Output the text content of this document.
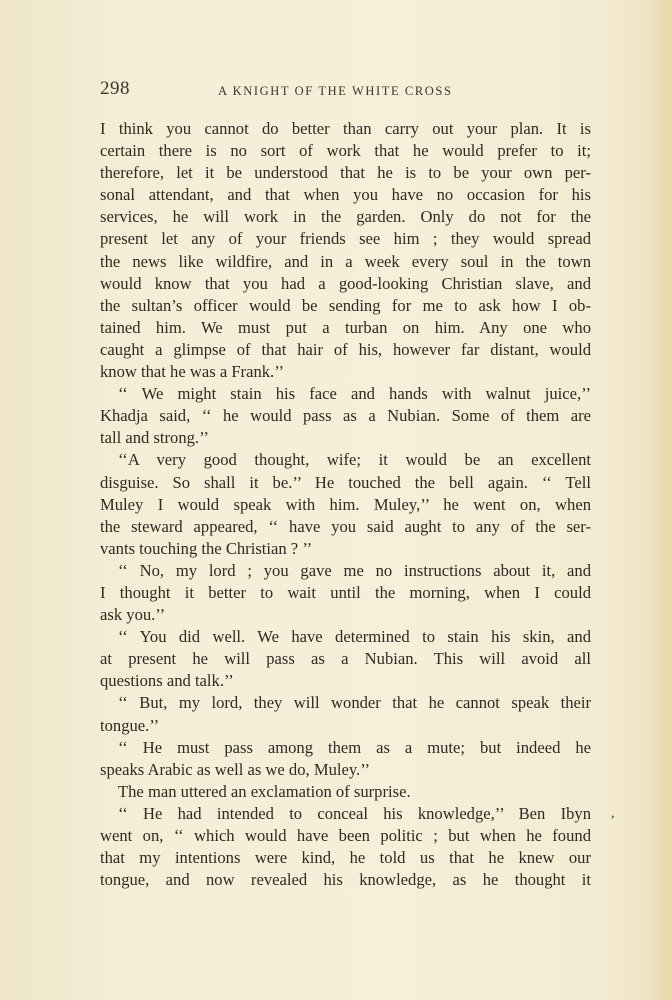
298	A KNIGHT OF THE WHITE CROSS
I think you cannot do better than carry out your plan. It is
certain there is no sort of work that he would prefer to it;
therefore, let it be understood that he is to be your own per-
sonal attendant, and that when you have no occasion for his
services, he will work in the garden. Only do not for the
present let any of your friends see him ; they would spread
the news like wildfire, and in a week every soul in the town
would know that you had a good-looking Christian slave, and
the sultan’s officer would be sending for me to ask how I ob-
tained him. We must put a turban on him. Any one who
caught a glimpse of that hair of his, however far distant, would
know that he was a Frank.’’
‘‘ We might stain his face and hands with walnut juice,’’
Khadja said, ‘‘ he would pass as a Nubian. Some of them are
tall and strong.’’
‘‘A very good thought, wife; it would be an excellent
disguise. So shall it be.’’ He touched the bell again. ‘‘ Tell
Muley I would speak with him. Muley,’’ he went on, when
the steward appeared, ‘‘ have you said aught to any of the ser-
vants touching the Christian ? ’’
‘‘ No, my lord ; you gave me no instructions about it, and
I thought it better to wait until the morning, when I could
ask you.’’
‘‘ You did well. We have determined to stain his skin, and
at present he will pass as a Nubian. This will avoid all
questions and talk.’’
‘‘ But, my lord, they will wonder that he cannot speak their
tongue.’’
‘‘ He must pass among them as a mute; but indeed he
speaks Arabic as well as we do, Muley.’’
The man uttered an exclamation of surprise.
‘‘ He had intended to conceal his knowledge,’’ Ben Ibyn
went on, ‘‘ which would have been politic ; but when he found
that my intentions were kind, he told us that he knew our
tongue, and now revealed his knowledge, as he thought it
,
